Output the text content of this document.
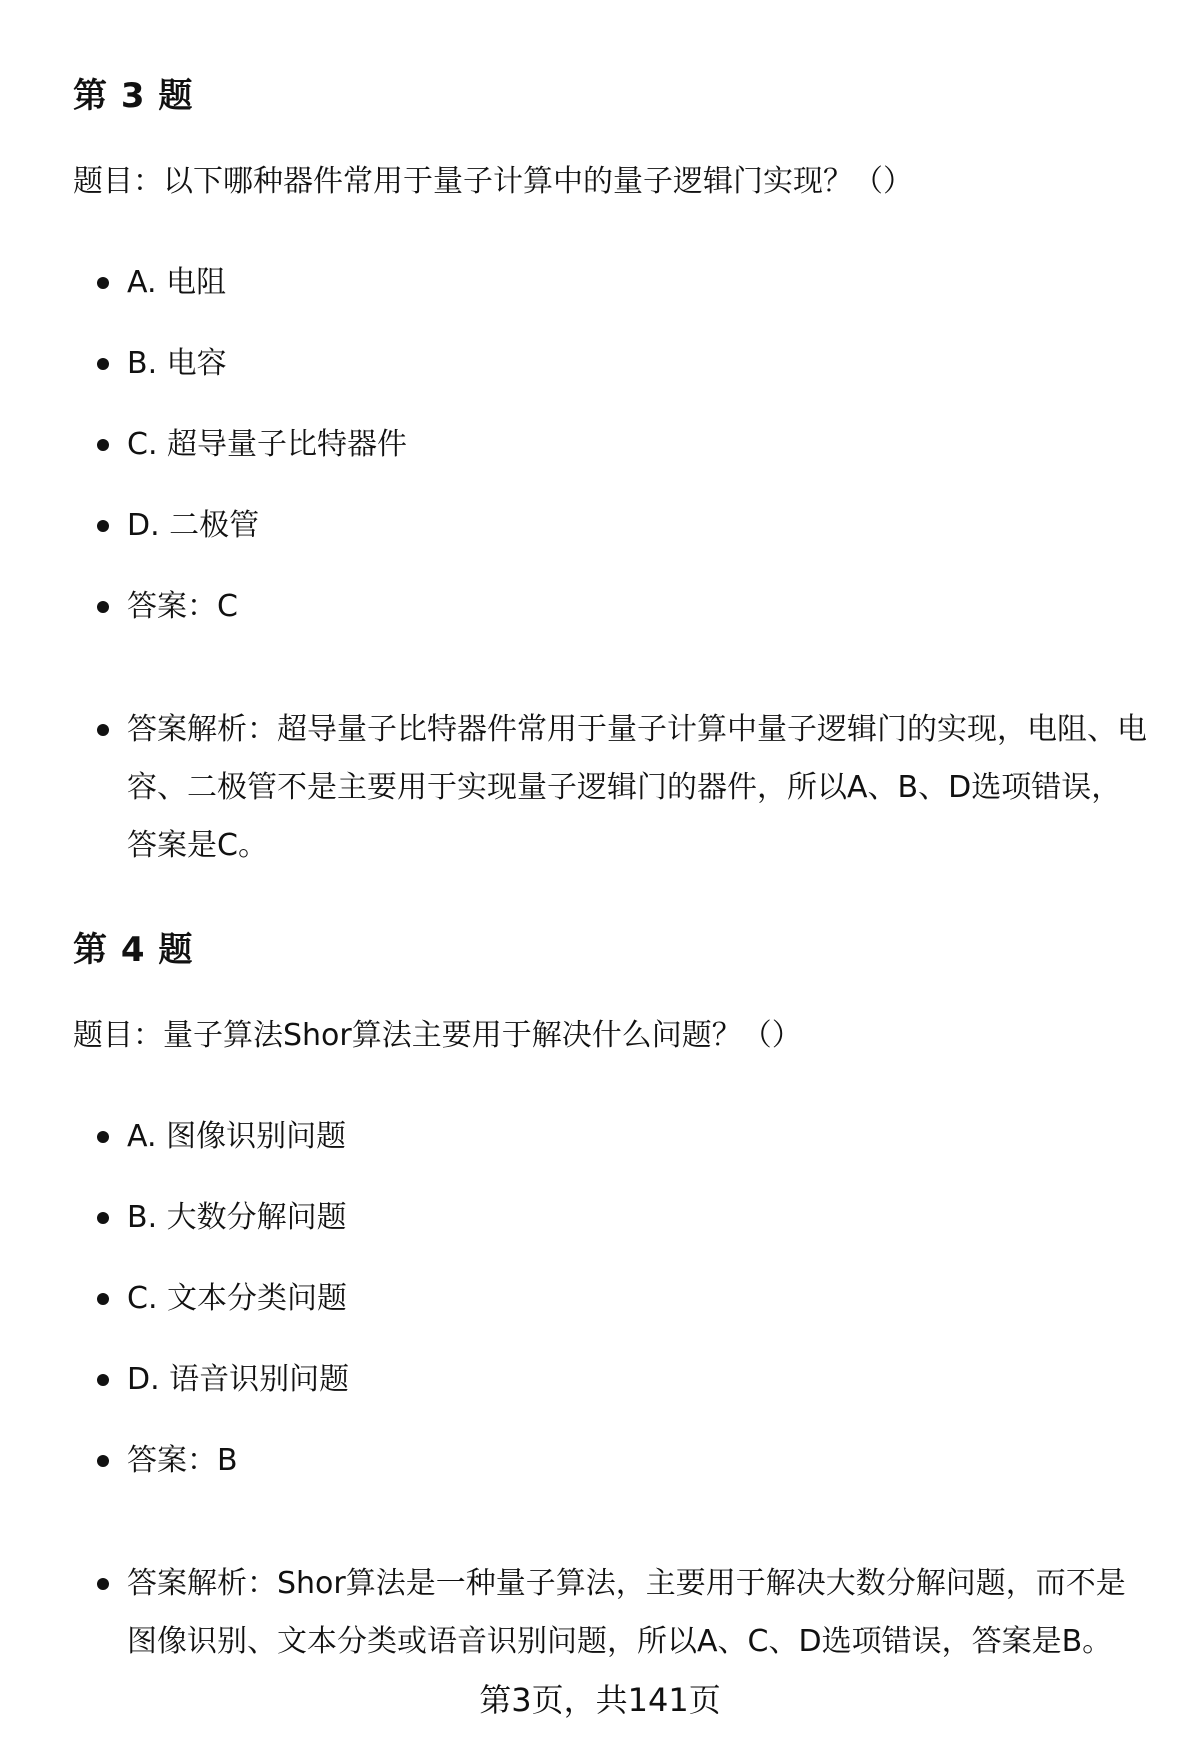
第 3 题
题目：以下哪种器件常用于量子计算中的量子逻辑门实现？（）
A. 电阻
B. 电容
C. 超导量子比特器件
D. 二极管
答案：C
答案解析：超导量子比特器件常用于量子计算中量子逻辑门的实现，电阻、电容、二极管不是主要用于实现量子逻辑门的器件，所以A、B、D选项错误，答案是C。
第 4 题
题目：量子算法Shor算法主要用于解决什么问题？（）
A. 图像识别问题
B. 大数分解问题
C. 文本分类问题
D. 语音识别问题
答案：B
答案解析：Shor算法是一种量子算法，主要用于解决大数分解问题，而不是图像识别、文本分类或语音识别问题，所以A、C、D选项错误，答案是B。
第3页，共141页
